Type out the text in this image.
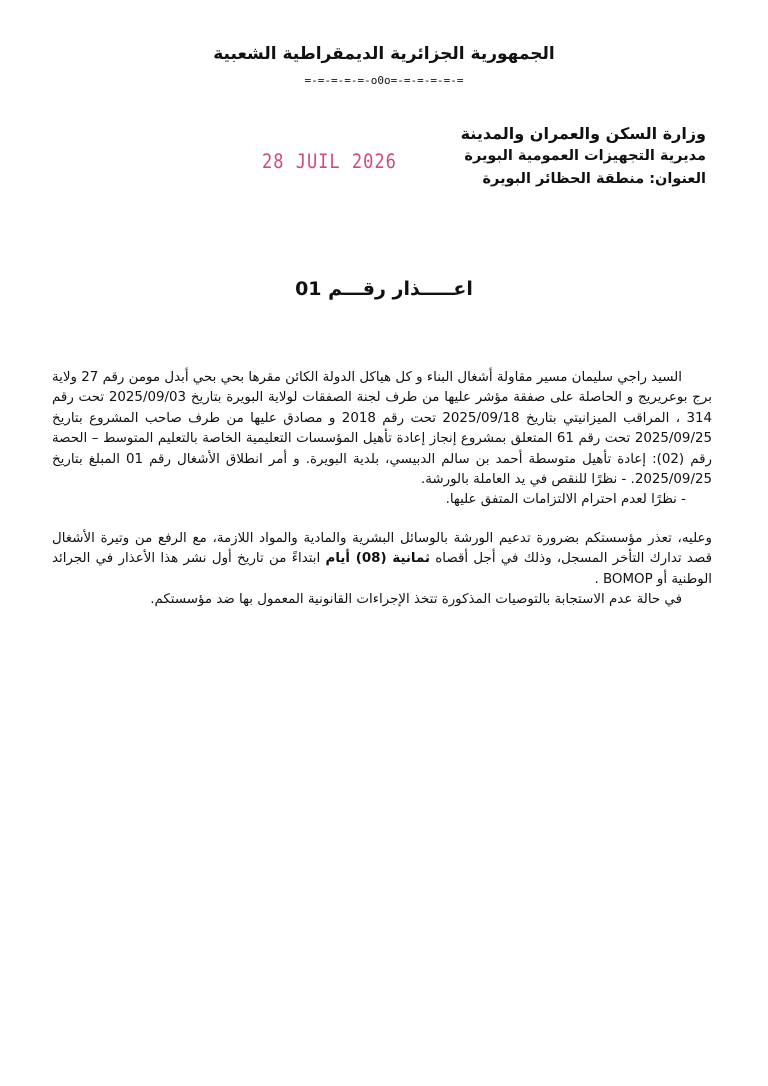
الجمهورية الجزائرية الديمقراطية الشعبية
=-=-=-=-=-o0o=-=-=-=-=-=
وزارة السكن والعمران والمدينة
مديرية التجهيزات العمومية البويرة
العنوان: منطقة الحظائر البويرة
28 JUIL 2026
اعـــــذار رقـــم 01

السيد راجي سليمان مسير مقاولة أشغال البناء و كل هياكل الدولة الكائن مقرها بحي بحي أبدل مومن رقم 27 ولاية برج بوعريريج و الحاصلة على صفقة مؤشر عليها من طرف لجنة الصفقات لولاية البويرة بتاريخ 2025/09/03 تحت رقم 314 ، المراقب الميزانيتي بتاريخ 2025/09/18 تحت رقم 2018 و مصادق عليها من طرف صاحب المشروع بتاريخ 2025/09/25 تحت رقم 61 المتعلق بمشروع إنجاز إعادة تأهيل المؤسسات التعليمية الخاصة بالتعليم المتوسط – الحصة رقم (02): إعادة تأهيل متوسطة أحمد بن سالم الدبيسي، بلدية البويرة. و أمر انطلاق الأشغال رقم 01 المبلغ بتاريخ 2025/09/25. - نظرًا للنقص في يد العاملة بالورشة.

- نظرًا لعدم احترام الالتزامات المتفق عليها.

وعليه، تعذر مؤسستكم بضرورة تدعيم الورشة بالوسائل البشرية والمادية والمواد اللازمة، مع الرفع من وتيرة الأشغال قصد تدارك التأخر المسجل، وذلك في أجل أقصاه ثمانية (08) أيام ابتداءً من تاريخ أول نشر هذا الأعذار في الجرائد الوطنية أو BOMOP .

في حالة عدم الاستجابة بالتوصيات المذكورة تتخذ الإجراءات القانونية المعمول بها ضد مؤسستكم.
